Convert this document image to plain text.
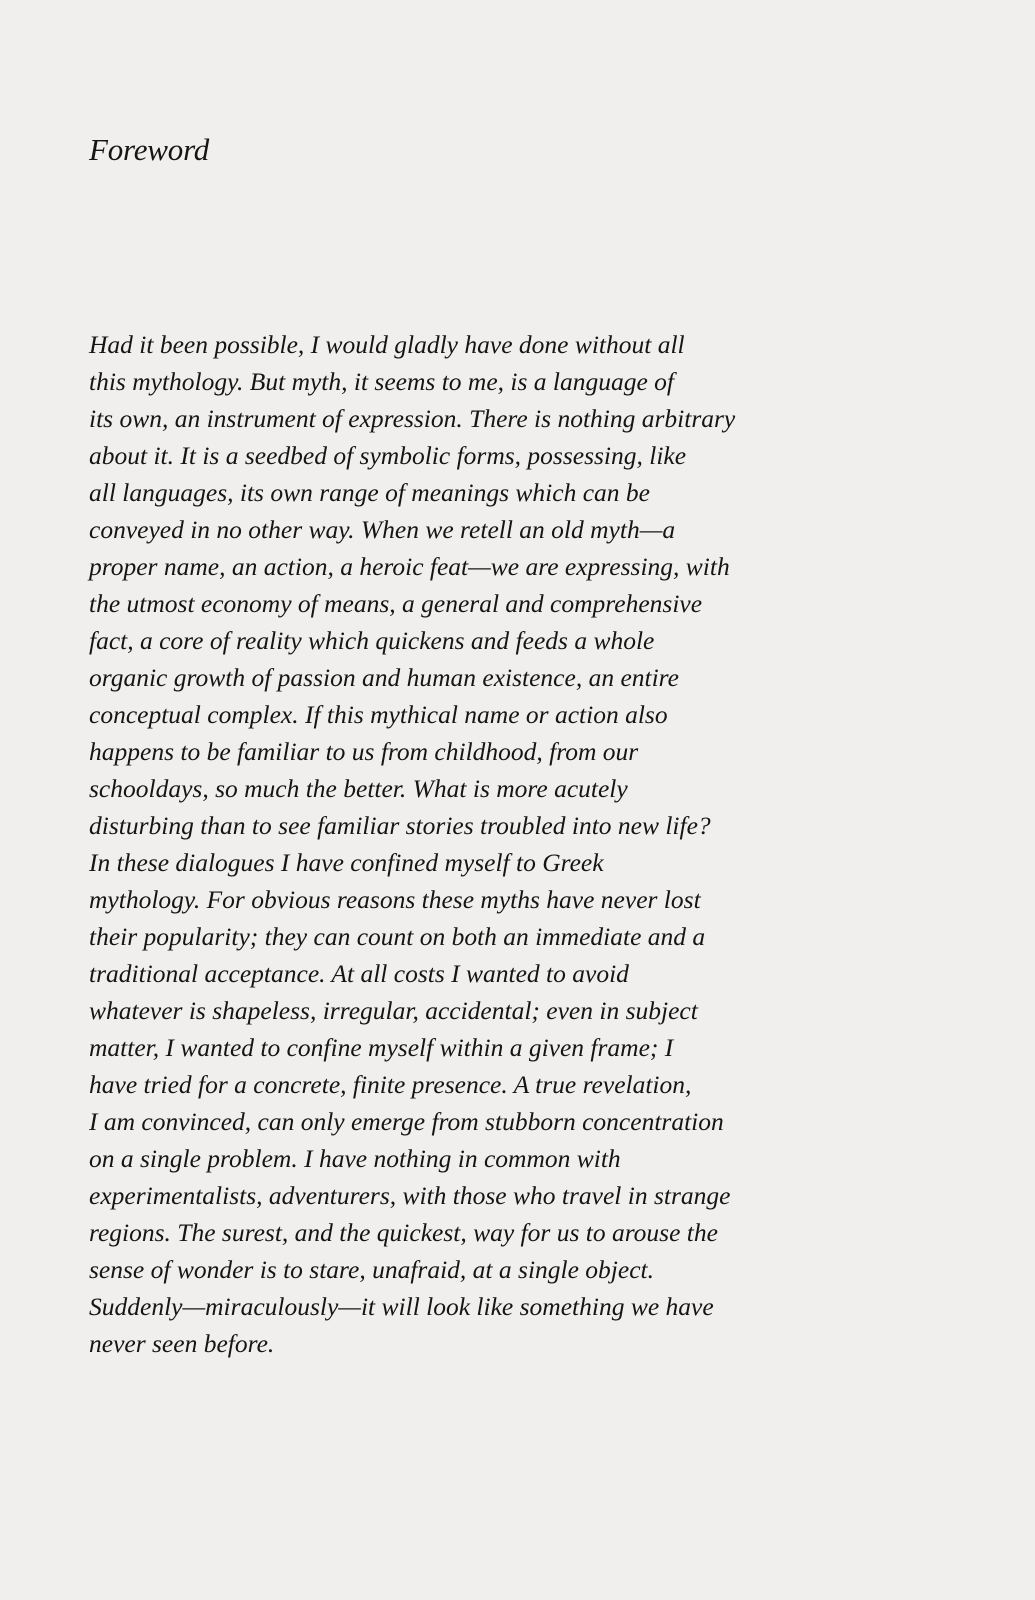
Foreword
Had it been possible, I would gladly have done without all
this mythology. But myth, it seems to me, is a language of
its own, an instrument of expression. There is nothing arbitrary
about it. It is a seedbed of symbolic forms, possessing, like
all languages, its own range of meanings which can be
conveyed in no other way. When we retell an old myth—a
proper name, an action, a heroic feat—we are expressing, with
the utmost economy of means, a general and comprehensive
fact, a core of reality which quickens and feeds a whole
organic growth of passion and human existence, an entire
conceptual complex. If this mythical name or action also
happens to be familiar to us from childhood, from our
schooldays, so much the better. What is more acutely
disturbing than to see familiar stories troubled into new life?
In these dialogues I have confined myself to Greek
mythology. For obvious reasons these myths have never lost
their popularity; they can count on both an immediate and a
traditional acceptance. At all costs I wanted to avoid
whatever is shapeless, irregular, accidental; even in subject
matter, I wanted to confine myself within a given frame; I
have tried for a concrete, finite presence. A true revelation,
I am convinced, can only emerge from stubborn concentration
on a single problem. I have nothing in common with
experimentalists, adventurers, with those who travel in strange
regions. The surest, and the quickest, way for us to arouse the
sense of wonder is to stare, unafraid, at a single object.
Suddenly—miraculously—it will look like something we have
never seen before.
